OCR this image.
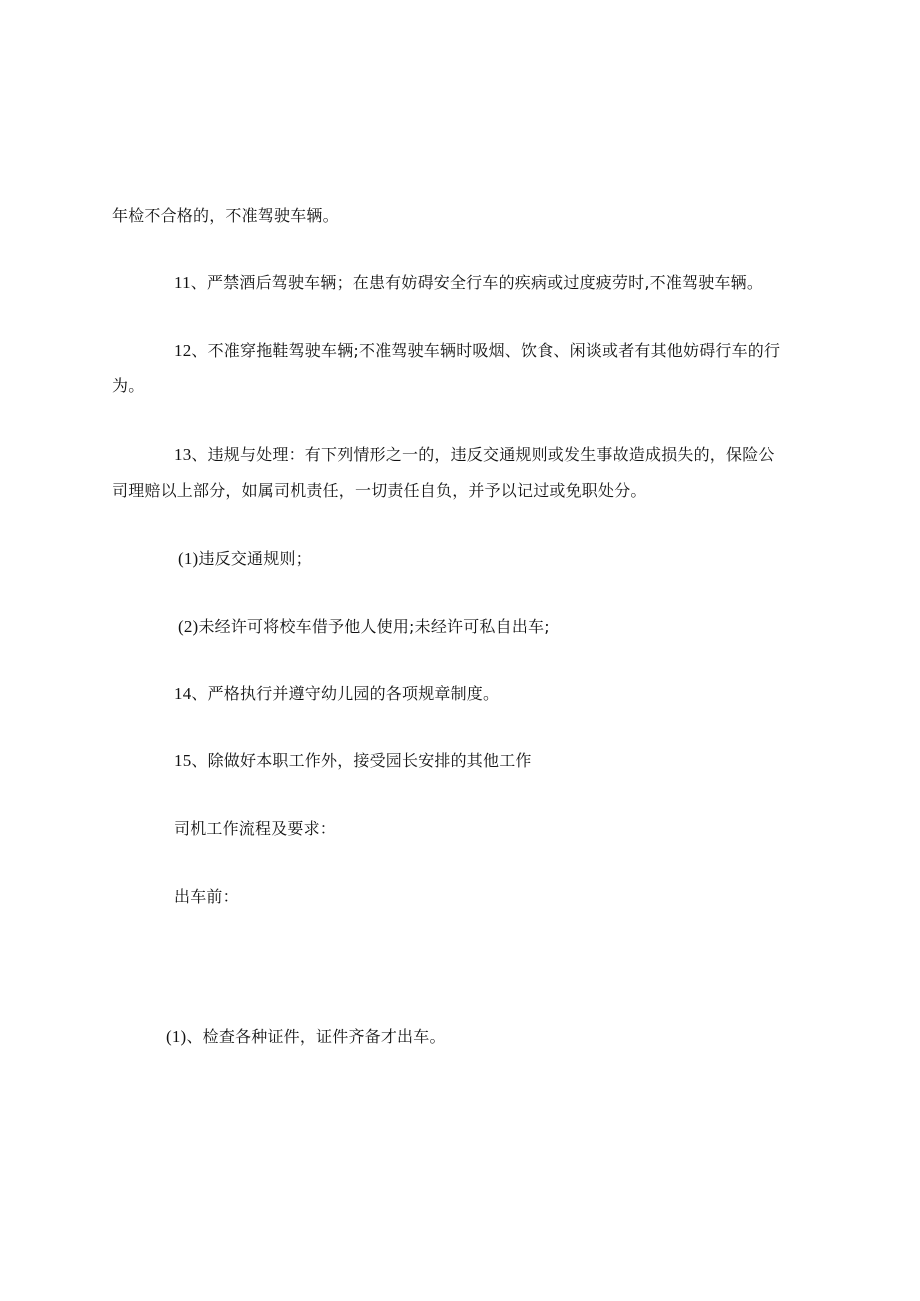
年检不合格的，不准驾驶车辆。
11、严禁酒后驾驶车辆；在患有妨碍安全行车的疾病或过度疲劳时,不准驾驶车辆。
12、不准穿拖鞋驾驶车辆;不准驾驶车辆时吸烟、饮食、闲谈或者有其他妨碍行车的行
为。
13、违规与处理：有下列情形之一的，违反交通规则或发生事故造成损失的，保险公
司理赔以上部分，如属司机责任，一切责任自负，并予以记过或免职处分。
(1)违反交通规则；
(2)未经许可将校车借予他人使用;未经许可私自出车;
14、严格执行并遵守幼儿园的各项规章制度。
15、除做好本职工作外，接受园长安排的其他工作
司机工作流程及要求：
出车前：
(1)、检查各种证件，证件齐备才出车。
